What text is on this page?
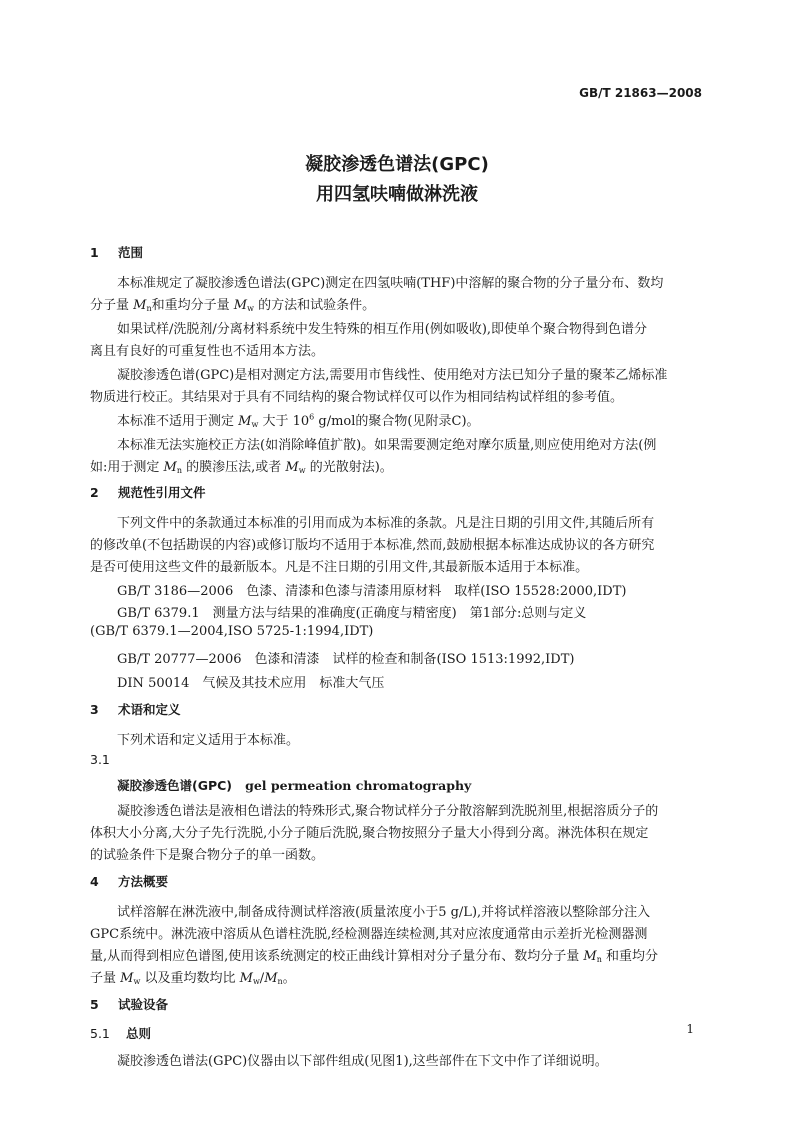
GB/T 21863—2008
凝胶渗透色谱法(GPC)
用四氢呋喃做淋洗液
1 范围
本标准规定了凝胶渗透色谱法(GPC)测定在四氢呋喃(THF)中溶解的聚合物的分子量分布、数均
分子量 $M_n$和重均分子量 $M_w$ 的方法和试验条件。
如果试样/洗脱剂/分离材料系统中发生特殊的相互作用(例如吸收),即使单个聚合物得到色谱分
离且有良好的可重复性也不适用本方法。
凝胶渗透色谱(GPC)是相对测定方法,需要用市售线性、使用绝对方法已知分子量的聚苯乙烯标准
物质进行校正。其结果对于具有不同结构的聚合物试样仅可以作为相同结构试样组的参考值。
本标准不适用于测定 $M_w$ 大于 $10^6$ g/mol的聚合物(见附录C)。
本标准无法实施校正方法(如消除峰值扩散)。如果需要测定绝对摩尔质量,则应使用绝对方法(例
如:用于测定 $M_n$ 的膜渗压法,或者 $M_w$ 的光散射法)。
2 规范性引用文件
下列文件中的条款通过本标准的引用而成为本标准的条款。凡是注日期的引用文件,其随后所有
的修改单(不包括勘误的内容)或修订版均不适用于本标准,然而,鼓励根据本标准达成协议的各方研究
是否可使用这些文件的最新版本。凡是不注日期的引用文件,其最新版本适用于本标准。
GB/T 3186—2006　色漆、清漆和色漆与清漆用原材料　取样(ISO 15528:2000,IDT)
GB/T 6379.1　测量方法与结果的准确度(正确度与精密度)　第1部分:总则与定义
(GB/T 6379.1—2004,ISO 5725-1:1994,IDT)
GB/T 20777—2006　色漆和清漆　试样的检查和制备(ISO 1513:1992,IDT)
DIN 50014　气候及其技术应用　标准大气压
3 术语和定义
下列术语和定义适用于本标准。
3.1
凝胶渗透色谱(GPC) gel permeation chromatography
凝胶渗透色谱法是液相色谱法的特殊形式,聚合物试样分子分散溶解到洗脱剂里,根据溶质分子的
体积大小分离,大分子先行洗脱,小分子随后洗脱,聚合物按照分子量大小得到分离。淋洗体积在规定
的试验条件下是聚合物分子的单一函数。
4 方法概要
试样溶解在淋洗液中,制备成待测试样溶液(质量浓度小于5 g/L),并将试样溶液以整除部分注入
GPC系统中。淋洗液中溶质从色谱柱洗脱,经检测器连续检测,其对应浓度通常由示差折光检测器测
量,从而得到相应色谱图,使用该系统测定的校正曲线计算相对分子量分布、数均分子量 $M_n$ 和重均分
子量 $M_w$ 以及重均数均比 $M_w/M_n$。
5 试验设备
5.1 总则
凝胶渗透色谱法(GPC)仪器由以下部件组成(见图1),这些部件在下文中作了详细说明。
1
